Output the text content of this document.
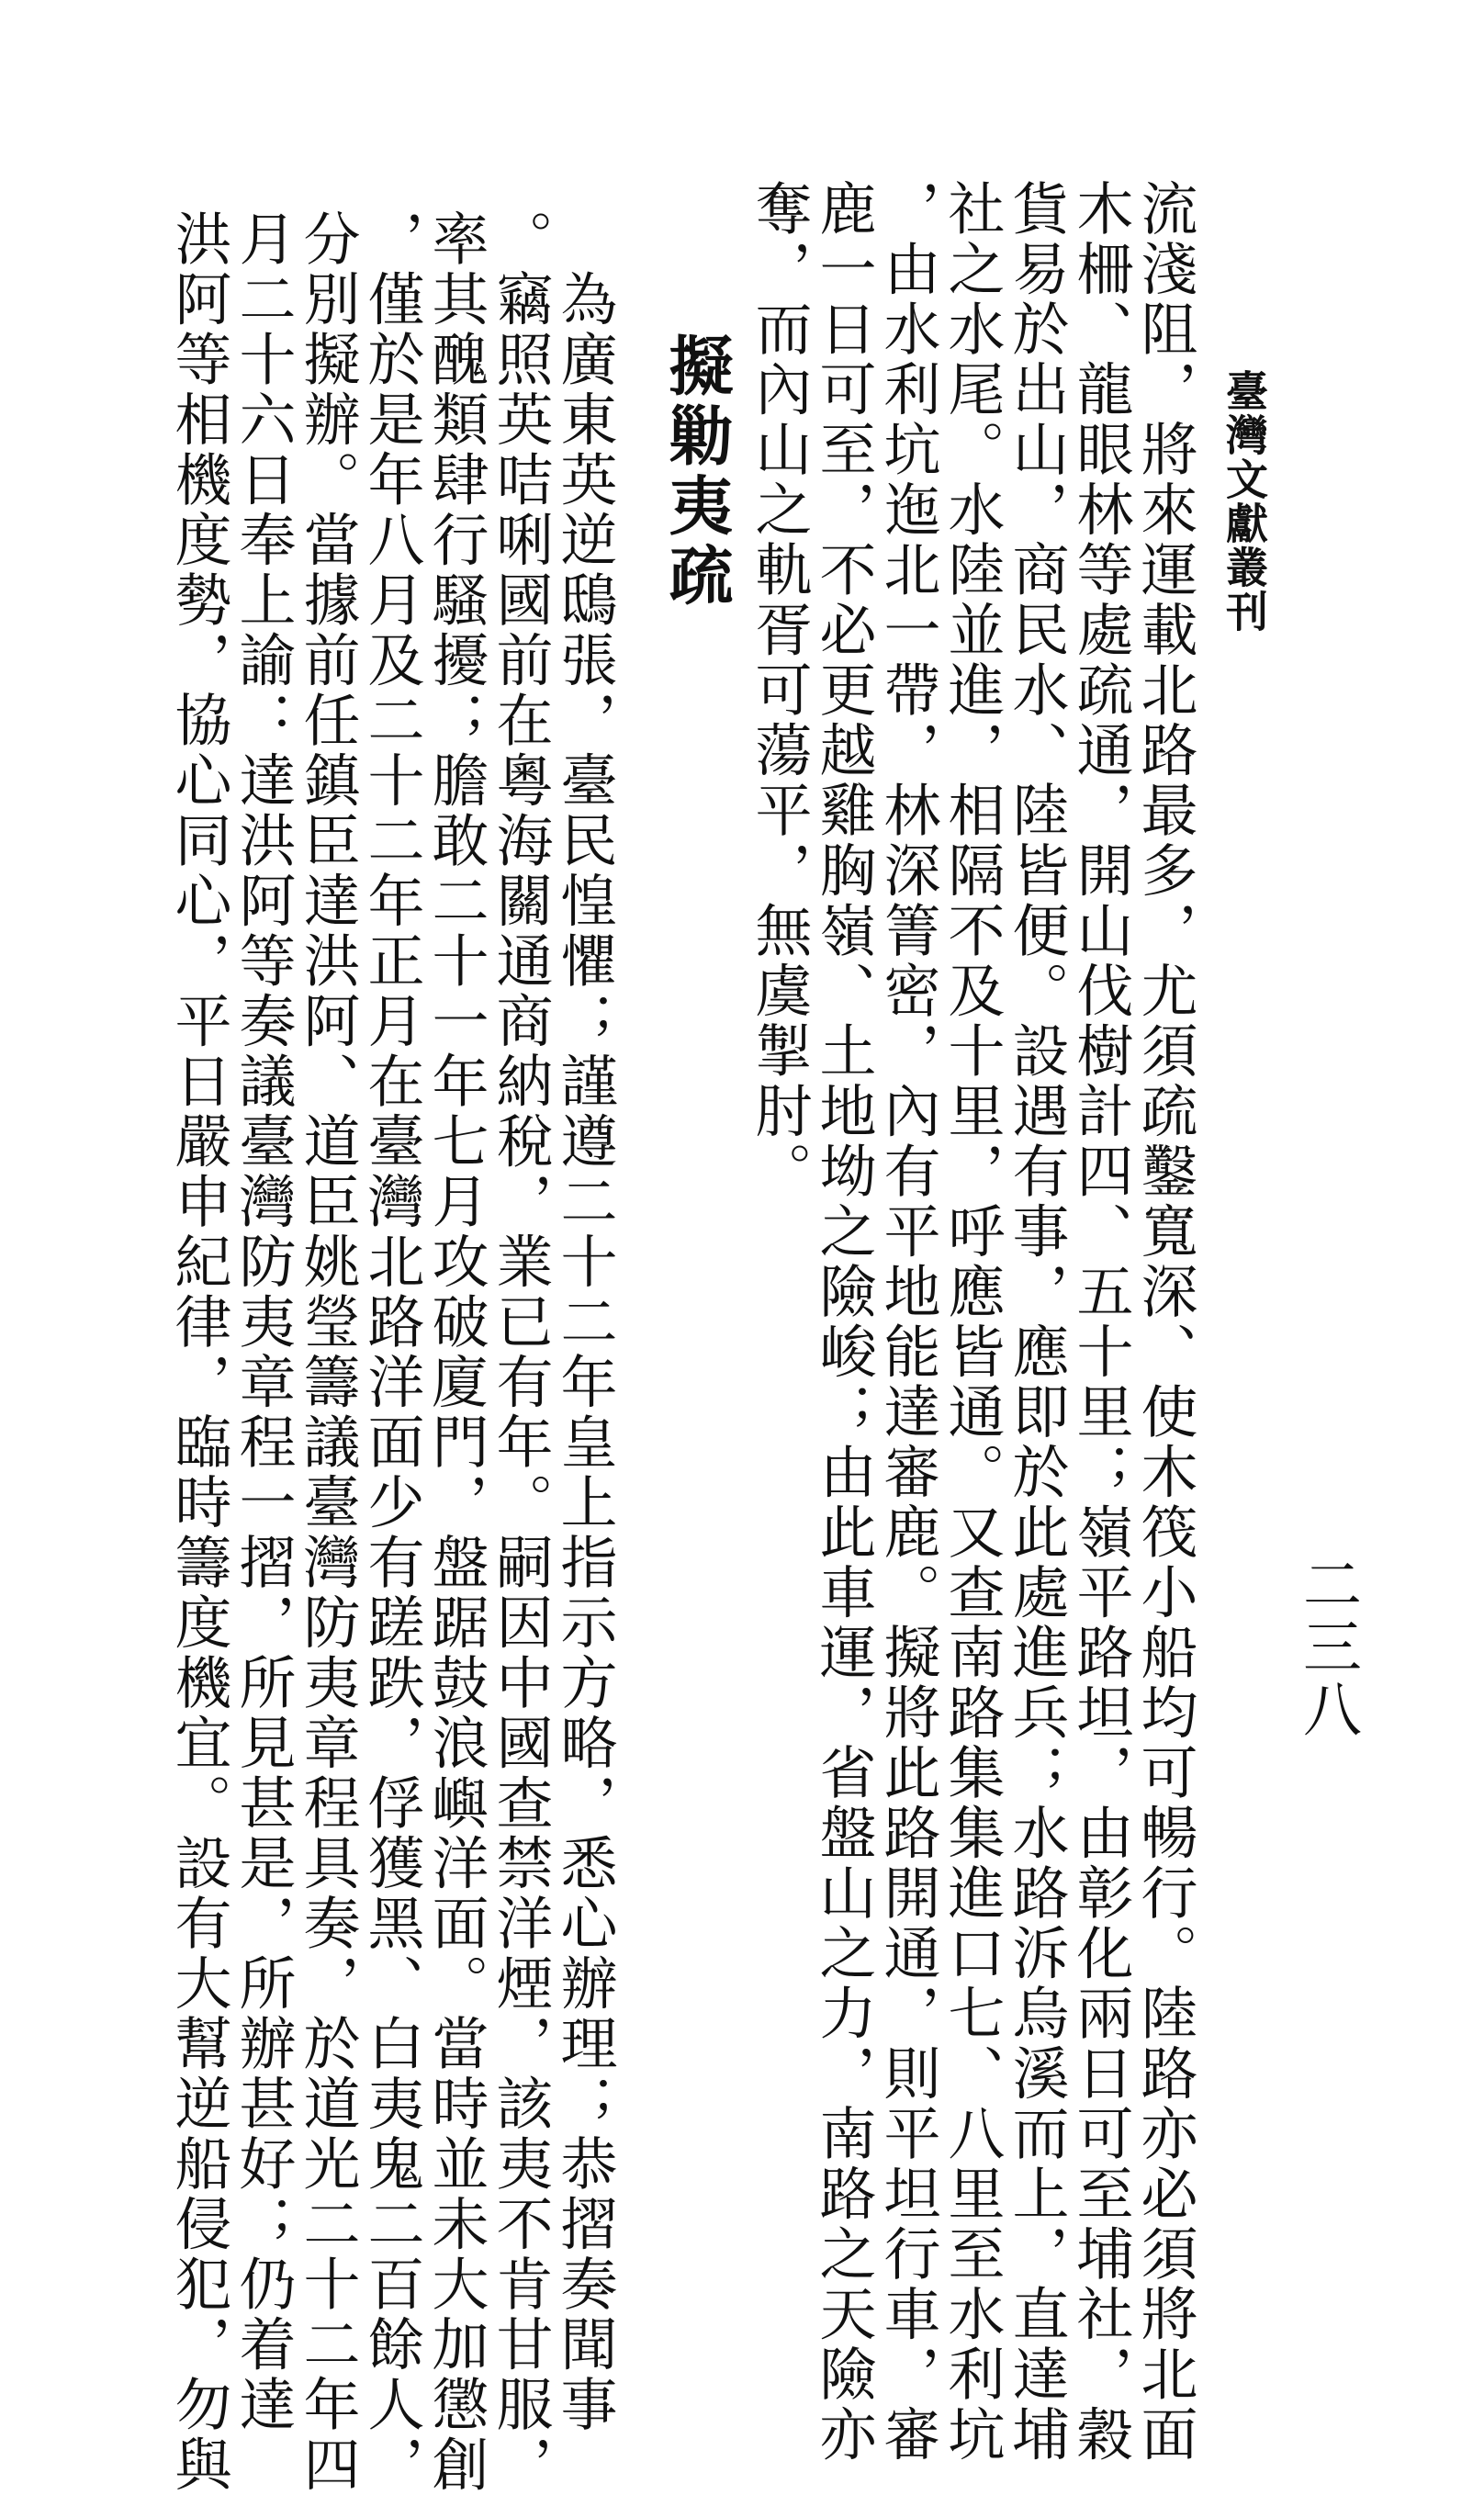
臺灣文獻叢刊
二三八
流淺阻，將來運載北路最多，尤須疏鑿寬深、使木筏小船均可暢行。陸路亦必須將北面
木柵、龍眼林等處疏通，開山伐樹計四、五十里；嶺平路坦，由彰化兩日可至埔社，穀
貨易於出山，商民水、陸皆便。設遇有事，應即於此處進兵；水路泝烏溪而上，直達埔
社之水尾。水陸並進，相隔不及十里，呼應皆通。又查南路集集進口七、八里至水利坑
，由水利坑迤北一帶，林深箐密，內有平地能達審鹿。擬將此路開通，則平坦行車，審
鹿一日可至，不必更越雞胸嶺、土地坳之險峻；由此車運，省盤山之力，南路之天險亦
奪，而內山之軌胥可蕩平，無虞掣肘。
擬勦夷疏
　為廣東英逆鴟張，臺民惶懼；謹遵二十二年皇上指示方略，悉心辦理；恭摺奏聞事
。竊照英咭唎國前在粵海關通商納稅，業已有年。嗣因中國查禁洋煙，該夷不肯甘服，
率其醜類肆行騷擾；膽敢二十一年七月攻破廈門，盤踞鼓浪嶼洋面。當時並未大加懲創
，僅於是年八月及二十二年正月在臺灣北路洋面少有蹉跌，俘獲黑、白夷鬼二百餘人，
分別擬辦。當據前任鎮臣達洪阿、道臣姚瑩籌議臺灣防夷章程具奏，於道光二十二年四
月二十六日奉上諭：達洪阿等奏議臺灣防夷章程一摺，所見甚是，所辦甚好；仍着達
洪阿等相機度勢，協心同心，平日嚴申紀律，臨時籌度機宜。設有大幫逆船侵犯，勿與
